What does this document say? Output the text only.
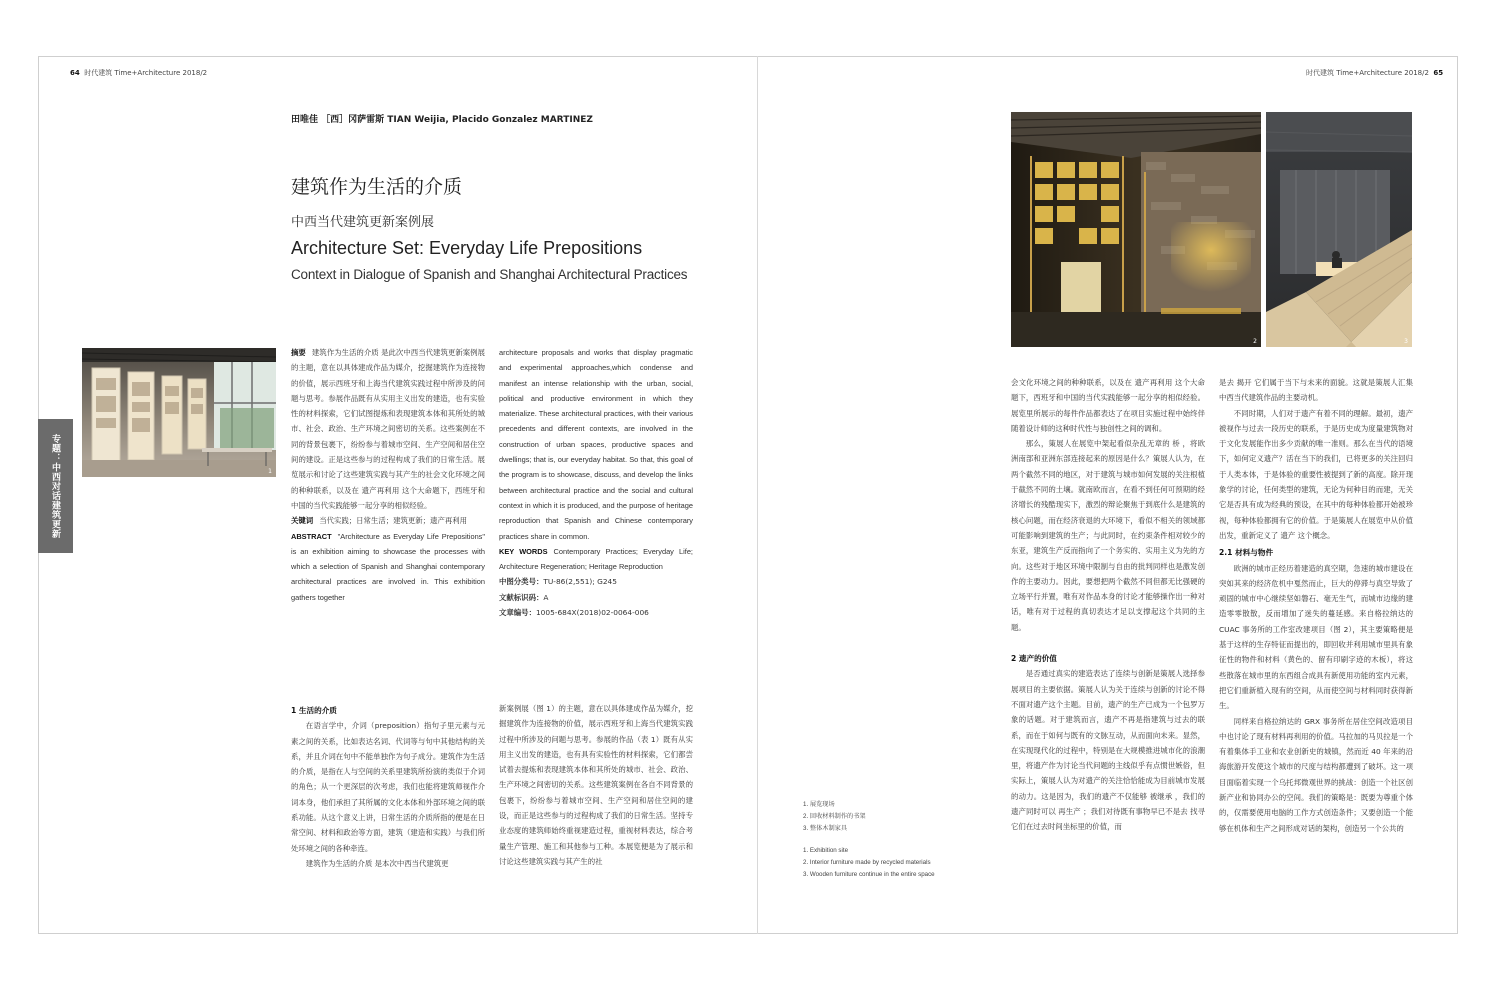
64 时代建筑 Time+Architecture 2018/2	时代建筑 Time+Architecture 2018/2 65
专题：中西对话建筑更新
田唯佳 ［西］冈萨雷斯 TIAN Weijia, Placido Gonzalez MARTINEZ
建筑作为生活的介质
中西当代建筑更新案例展
Architecture Set: Everyday Life Prepositions
Context in Dialogue of Spanish and Shanghai Architectural Practices
1

摘要 建筑作为生活的介质 是此次中西当代建筑更新案例展的主题，意在以具体建成作品为媒介，挖掘建筑作为连接物的价值，展示西班牙和上海当代建筑实践过程中所涉及的问题与思考。参展作品既有从实用主义出发的建造，也有实验性的材料探索，它们试图提炼和表现建筑本体和其所处的城市、社会、政治、生产环境之间密切的关系。这些案例在不同的背景包裹下，纷纷参与着城市空间、生产空间和居住空间的建设。正是这些参与的过程构成了我们的日常生活。展览展示和讨论了这些建筑实践与其产生的社会文化环境之间的种种联系，以及在 遗产再利用 这个大命题下，西班牙和中国的当代实践能够一起分享的相似经验。

关键词 当代实践；日常生活；建筑更新；遗产再利用

ABSTRACT "Architecture as Everyday Life Prepositions" is an exhibition aiming to showcase the processes with which a selection of Spanish and Shanghai contemporary architectural practices are involved in. This exhibition gathers together

architecture proposals and works that display pragmatic and experimental approaches,which condense and manifest an intense relationship with the urban, social, political and productive environment in which they materialize. These architectural practices, with their various precedents and different contexts, are involved in the construction of urban spaces, productive spaces and dwellings; that is, our everyday habitat. So that, this goal of the program is to showcase, discuss, and develop the links between architectural practice and the social and cultural context in which it is produced, and the purpose of heritage reproduction that Spanish and Chinese contemporary practices share in common.

KEY WORDS Contemporary Practices; Everyday Life; Architecture Regeneration; Heritage Reproduction

中图分类号：TU-86(2,551); G245

文献标识码：A

文章编号：1005-684X(2018)02-0064-006

1 生活的介质

在语言学中，介词（preposition）指句子里元素与元素之间的关系，比如表达名词、代词等与句中其他结构的关系，并且介词在句中不能单独作为句子成分。建筑作为生活的介质，是指在人与空间的关系里建筑所扮演的类似于介词的角色；从一个更深层的次考虑，我们也能将建筑师视作介词本身，他们承担了其所属的文化本体和外部环境之间的联系功能。从这个意义上讲，日常生活的介质所指的便是在日常空间、材料和政治等方面，建筑（建造和实践）与我们所处环境之间的各种牵连。

建筑作为生活的介质 是本次中西当代建筑更

新案例展（图 1）的主题，意在以具体建成作品为媒介，挖掘建筑作为连接物的价值，展示西班牙和上海当代建筑实践过程中所涉及的问题与思考。参展的作品（表 1）既有从实用主义出发的建造，也有具有实验性的材料探索，它们都尝试着去提炼和表现建筑本体和其所处的城市、社会、政治、生产环境之间密切的关系。这些建筑案例在各自不同背景的包裹下，纷纷参与着城市空间、生产空间和居住空间的建设，而正是这些参与的过程构成了我们的日常生活。坚持专业态度的建筑师始终重视建造过程，重视材料表达，综合考量生产管理、施工和其他参与工种。本展览便是为了展示和讨论这些建筑实践与其产生的社

2	3

会文化环境之间的种种联系，以及在 遗产再利用 这个大命题下，西班牙和中国的当代实践能够一起分享的相似经验。展览里所展示的每件作品都表达了在项目实施过程中始终伴随着设计师的这种时代性与独创性之间的调和。

那么，策展人在展览中架起看似杂乱无章的 桥 ，将欧洲南部和亚洲东部连接起来的原因是什么？策展人认为，在两个截然不同的地区，对于建筑与城市如何发展的关注根植于截然不同的土壤。就南欧而言，在看不到任何可预期的经济增长的残酷现实下，激烈的辩论聚焦于到底什么是建筑的核心问题，而在经济衰退的大环境下，看似不相关的领域都可能影响到建筑的生产；与此同时，在约束条件相对较少的东亚，建筑生产反而指向了一个务实的、实用主义为先的方向。这些对于地区环境中限制与自由的批判同样也是激发创作的主要动力。因此，要想把两个截然不同但都无比强硬的立场平行并置，唯有对作品本身的讨论才能够操作出一种对话，唯有对于过程的真切表达才足以支撑起这个共同的主题。

2 遗产的价值

是否通过真实的建造表达了连续与创新是策展人选择参展项目的主要依据。策展人认为关于连续与创新的讨论不得不面对遗产这个主题。目前，遗产的生产已成为一个包罗万象的话题。对于建筑而言，遗产不再是指建筑与过去的联系，而在于如何与既有的文脉互动，从而面向未来。显然，在实现现代化的过程中，特别是在大规模推进城市化的浪潮里，将遗产作为讨论当代问题的主线似乎有点惯世嫉俗，但实际上，策展人认为对遗产的关注恰恰能成为目前城市发展的动力。这是因为，我们的遗产不仅能够 被继承 ，我们的遗产同时可以 再生产 ；我们对待既有事物早已不是去 找寻 它们在过去时间坐标里的价值，而

是去 揭开 它们属于当下与未来的面貌。这就是策展人汇集中西当代建筑作品的主要动机。

不同时期，人们对于遗产有着不同的理解。最初，遗产被视作与过去一段历史的联系，于是历史成为度量建筑物对于文化发展能作出多少贡献的唯一准则。那么在当代的语境下，如何定义遗产？活在当下的我们，已将更多的关注回归于人类本体，于是体验的重要性被提到了新的高度。除开现象学的讨论，任何类型的建筑，无论为何种目的而建，无关它是否具有成为经典的预设，在其中的每种体验都开始被珍视，每种体验都拥有它的价值。于是策展人在展览中从价值出发，重新定义了 遗产 这个概念。

2.1 材料与物件

欧洲的城市正经历着建造的真空期，急速的城市建设在突如其来的经济危机中戛然而止，巨大的停滞与真空导致了顽固的城市中心继续坚如磐石、毫无生气，而城市边缘的建造零零散散，反而增加了迷失的蔓延感。来自格拉纳达的 CUAC 事务所的工作室改建项目（图 2），其主要策略便是基于这样的生存特征而提出的，即回收并利用城市里具有象征性的物件和材料（黄色的、留有印刷字迹的木板），将这些散落在城市里的东西组合成具有新使用功能的室内元素，把它们重新植入现有的空间，从而使空间与材料同时获得新生。

同样来自格拉纳达的 GRX 事务所在居住空间改造项目中也讨论了现有材料再利用的价值。马拉加的马贝拉是一个有着集体手工业和农业创新史的城镇，然而近 40 年来的沿海旅游开发使这个城市的尺度与结构都遭到了破坏。这一项目面临着实现一个乌托邦微观世界的挑战：创造一个社区创新产业和协同办公的空间。我们的策略是：既要为尊重个体的，仅需要使用电脑的工作方式创造条件；又要创造一个能够在机体和生产之间形成对话的架构，创造另一个公共的

1. 展览现场
2. 回收材料制作的书架
3. 整体木制家具
1. Exhibition site
2. Interior furniture made by recycled materials
3. Wooden furniture continue in the entire space
